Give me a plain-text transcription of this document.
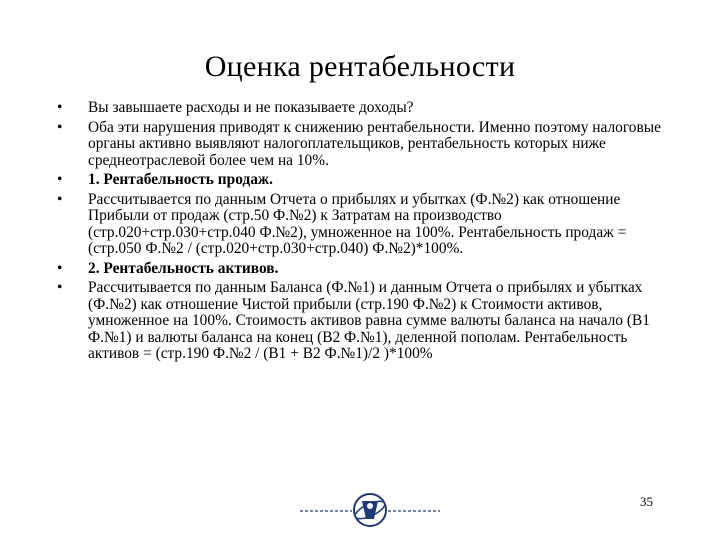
Оценка рентабельности
•	Вы завышаете расходы и не показываете доходы?
•	Оба эти нарушения приводят к снижению рентабельности. Именно поэтому налоговые органы активно выявляют налогоплательщиков, рентабельность которых ниже среднеотраслевой более чем на 10%.
•	1. Рентабельность продаж.
•	Рассчитывается по данным Отчета о прибылях и убытках (Ф.№2) как отношение Прибыли от продаж (стр.50 Ф.№2) к Затратам на производство (стр.020+стр.030+стр.040 Ф.№2), умноженное на 100%. Рентабельность продаж = (стр.050 Ф.№2 / (стр.020+стр.030+стр.040) Ф.№2)*100%.
•	2. Рентабельность активов.
•	Рассчитывается по данным Баланса (Ф.№1) и данным Отчета о прибылях и убытках (Ф.№2) как отношение Чистой прибыли (стр.190 Ф.№2) к Стоимости активов, умноженное на 100%. Стоимость активов равна сумме валюты баланса на начало (В1 Ф.№1) и валюты баланса на конец (В2 Ф.№1), деленной пополам. Рентабельность активов = (стр.190 Ф.№2 / (В1 + В2 Ф.№1)/2 )*100%
35
